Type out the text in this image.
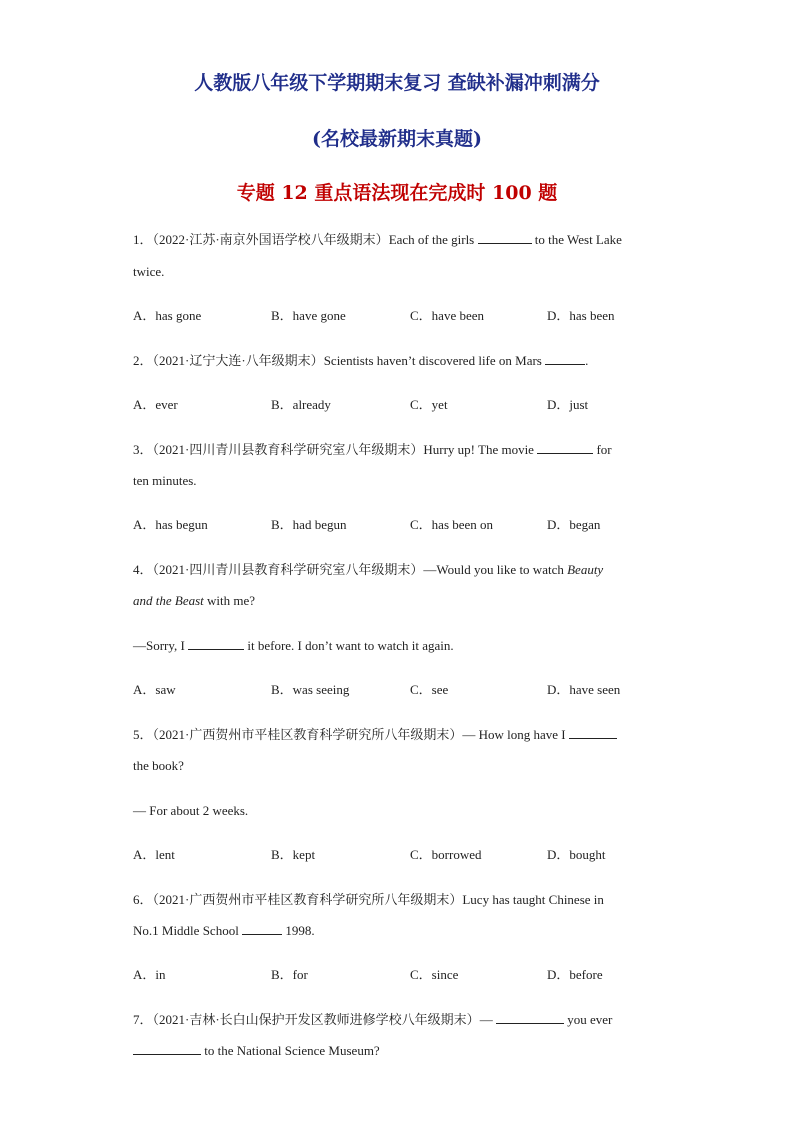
人教版八年级下学期期末复习 查缺补漏冲刺满分
(名校最新期末真题)
专题 12 重点语法现在完成时 100 题
1．（2022·江苏·南京外国语学校八年级期末）Each of the girls	to the West Lake
twice.
A．has gone	B．have gone	C．have been	D．has been
2．（2021·辽宁大连·八年级期末）Scientists haven’t discovered life on Mars	.
A．ever	B．already	C．yet	D．just
3．（2021·四川青川县教育科学研究室八年级期末）Hurry up! The movie	for
ten minutes.
A．has begun	B．had begun	C．has been on	D．began
4．（2021·四川青川县教育科学研究室八年级期末）—Would you like to watch Beauty
and the Beast with me?
—Sorry, I	it before. I don’t want to watch it again.
A．saw	B．was seeing	C．see	D．have seen
5．（2021·广西贺州市平桂区教育科学研究所八年级期末）— How long have I
the book?
— For about 2 weeks.
A．lent	B．kept	C．borrowed	D．bought
6．（2021·广西贺州市平桂区教育科学研究所八年级期末）Lucy has taught Chinese in
No.1 Middle School	1998.
A．in	B．for	C．since	D．before
7．（2021·吉林·长白山保护开发区教师进修学校八年级期末）—	you ever
to the National Science Museum?
